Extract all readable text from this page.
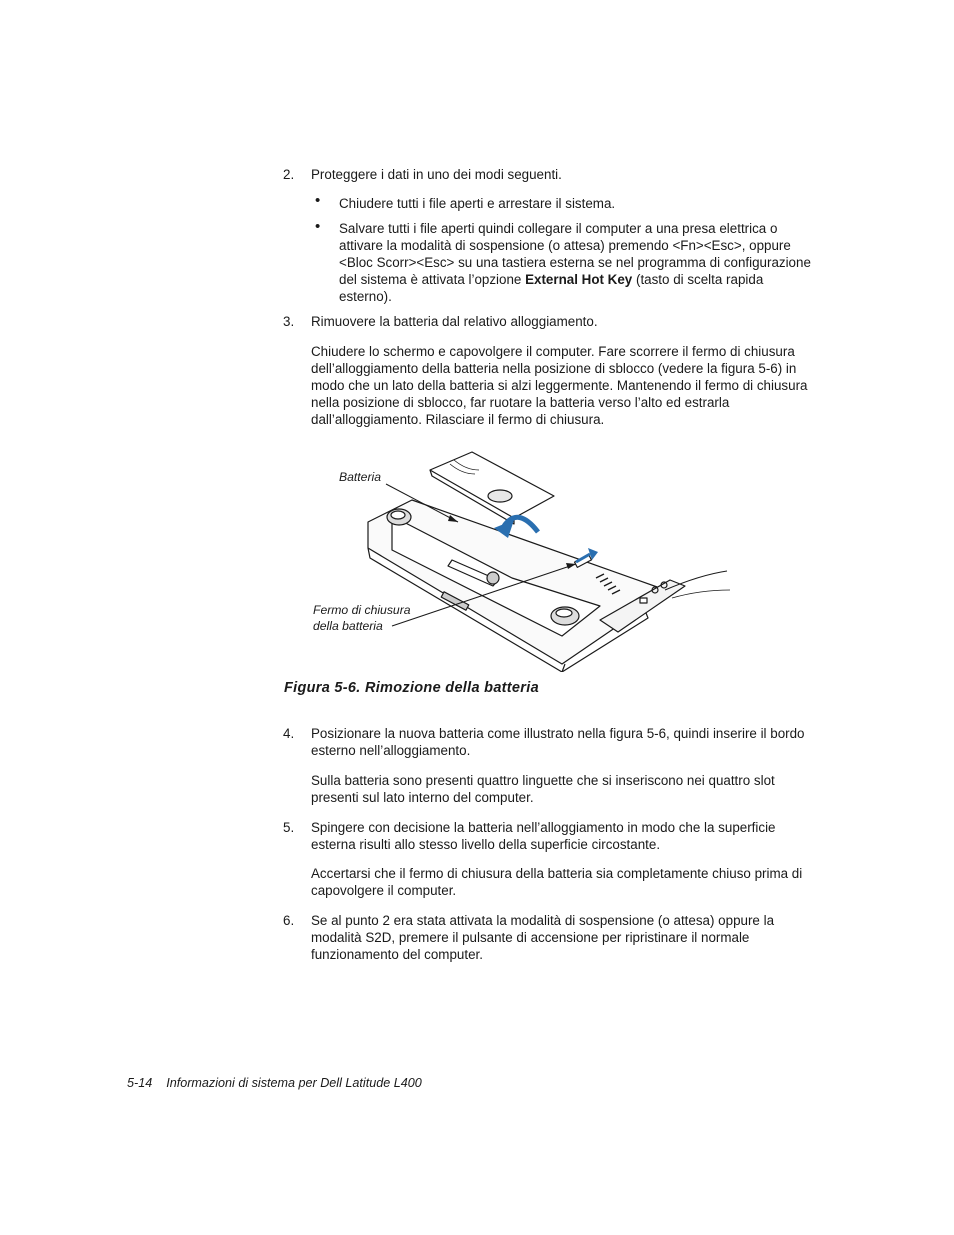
2.	Proteggere i dati in uno dei modi seguenti.
• Chiudere tutti i file aperti e arrestare il sistema.
• Salvare tutti i file aperti quindi collegare il computer a una presa elettrica o attivare la modalità di sospensione (o attesa) premendo <Fn><Esc>, oppure <Bloc Scorr><Esc> su una tastiera esterna se nel programma di configurazione del sistema è attivata l’opzione External Hot Key (tasto di scelta rapida esterno).
3.	Rimuovere la batteria dal relativo alloggiamento.
Chiudere lo schermo e capovolgere il computer. Fare scorrere il fermo di chiusura dell’alloggiamento della batteria nella posizione di sblocco (vedere la figura 5-6) in modo che un lato della batteria si alzi leggermente. Mantenendo il fermo di chiusura nella posizione di sblocco, far ruotare la batteria verso l’alto ed estrarla dall’alloggiamento. Rilasciare il fermo di chiusura.
Batteria
Fermo di chiusura
della batteria
Figura 5-6. Rimozione della batteria
4.	Posizionare la nuova batteria come illustrato nella figura 5-6, quindi inserire il bordo esterno nell’alloggiamento.
Sulla batteria sono presenti quattro linguette che si inseriscono nei quattro slot presenti sul lato interno del computer.
5.	Spingere con decisione la batteria nell’alloggiamento in modo che la superficie esterna risulti allo stesso livello della superficie circostante.
Accertarsi che il fermo di chiusura della batteria sia completamente chiuso prima di capovolgere il computer.
6.	Se al punto 2 era stata attivata la modalità di sospensione (o attesa) oppure la modalità S2D, premere il pulsante di accensione per ripristinare il normale funzionamento del computer.
5-14 Informazioni di sistema per Dell Latitude L400
